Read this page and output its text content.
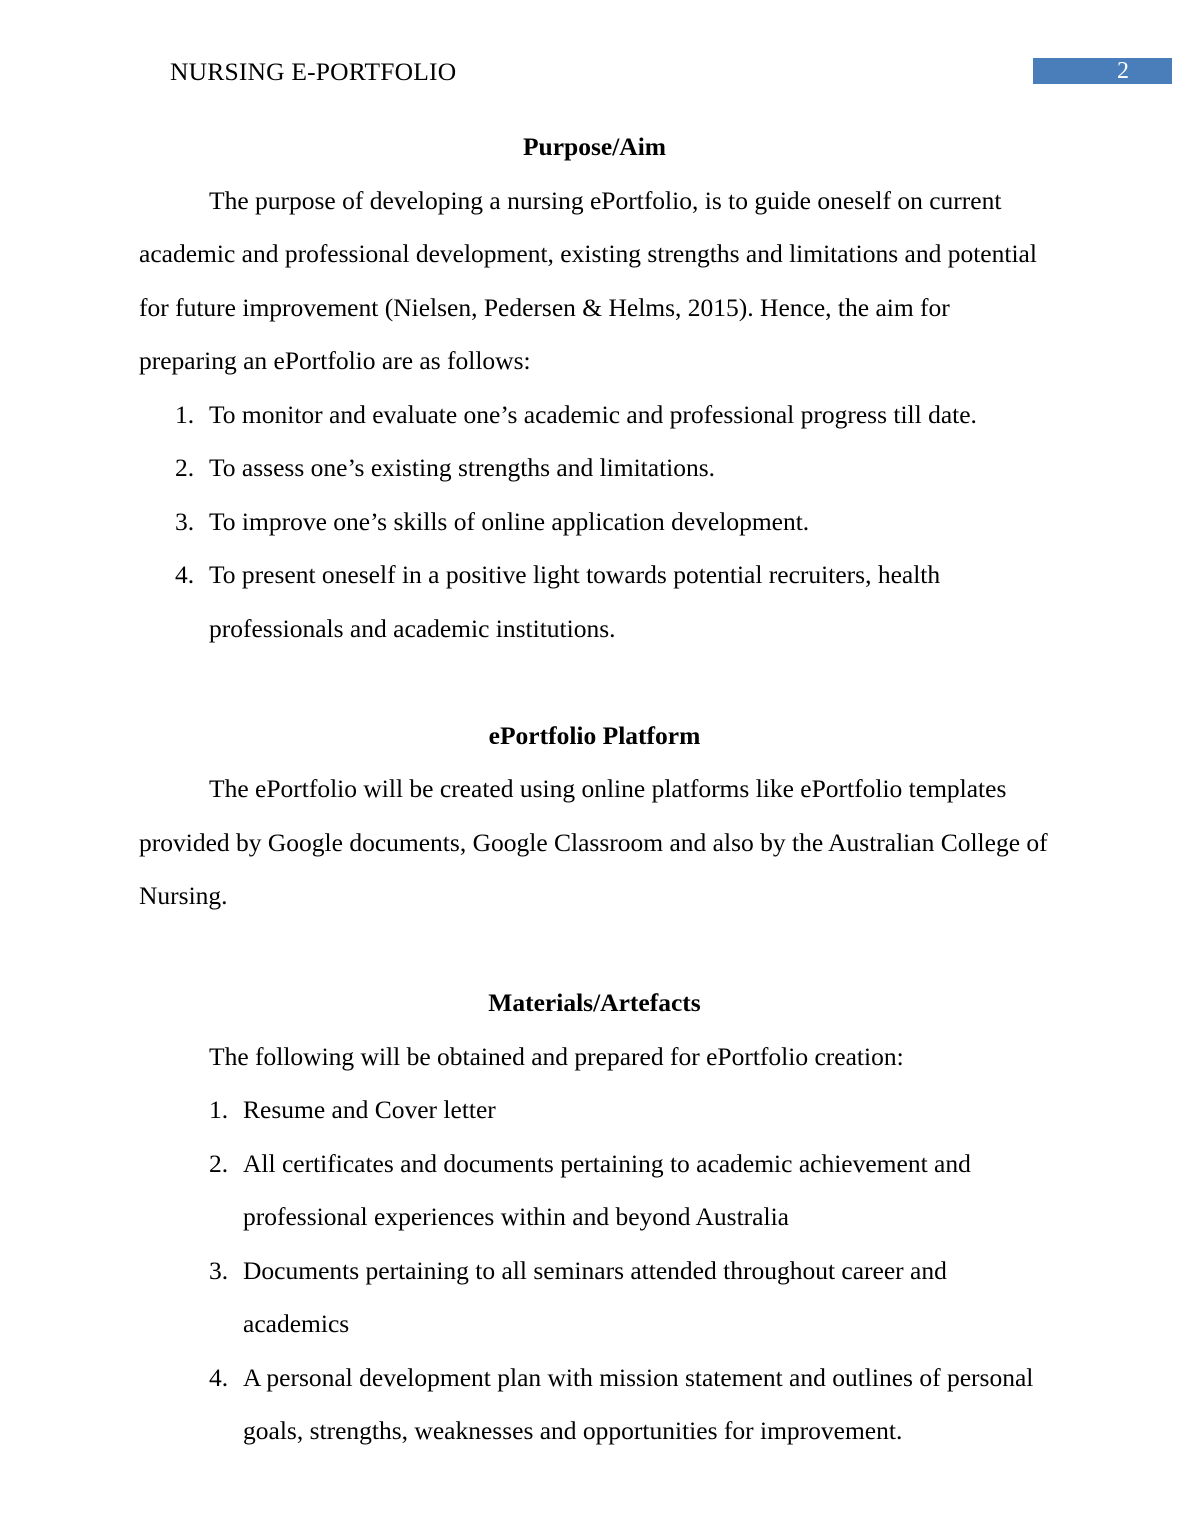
NURSING E-PORTFOLIO	2
Purpose/Aim

The purpose of developing a nursing ePortfolio, is to guide oneself on current academic and professional development, existing strengths and limitations and potential for future improvement (Nielsen, Pedersen & Helms, 2015). Hence, the aim for preparing an ePortfolio are as follows:

1. To monitor and evaluate one’s academic and professional progress till date.
2. To assess one’s existing strengths and limitations.
3. To improve one’s skills of online application development.
4. To present oneself in a positive light towards potential recruiters, health professionals and academic institutions.
ePortfolio Platform

The ePortfolio will be created using online platforms like ePortfolio templates provided by Google documents, Google Classroom and also by the Australian College of Nursing.

Materials/Artefacts

The following will be obtained and prepared for ePortfolio creation:

1. Resume and Cover letter
2. All certificates and documents pertaining to academic achievement and professional experiences within and beyond Australia
3. Documents pertaining to all seminars attended throughout career and academics
4. A personal development plan with mission statement and outlines of personal goals, strengths, weaknesses and opportunities for improvement.
